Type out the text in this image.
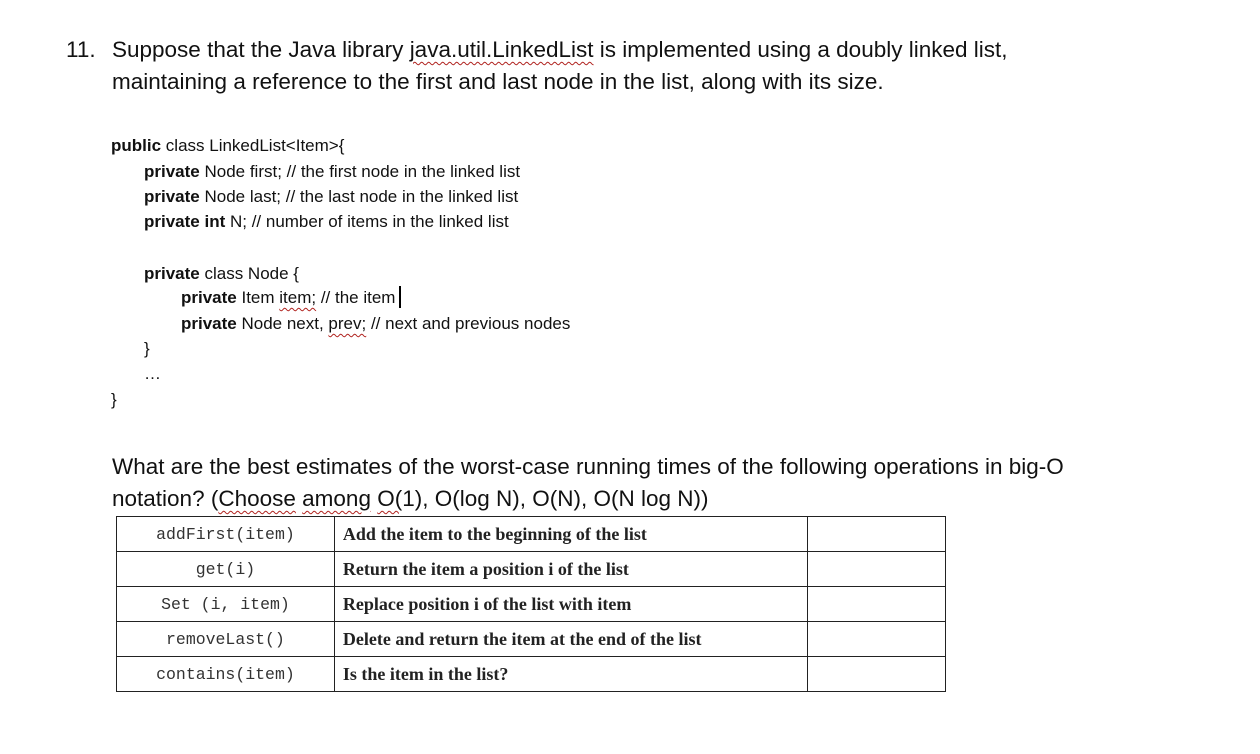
11. Suppose that the Java library java.util.LinkedList is implemented using a doubly linked list,
maintaining a reference to the first and last node in the list, along with its size.
public class LinkedList<Item>{
private Node first; // the first node in the linked list
private Node last; // the last node in the linked list
private int N; // number of items in the linked list
private class Node {
private Item item; // the item
private Node next, prev; // next and previous nodes
}
…
}
What are the best estimates of the worst-case running times of the following operations in big-O
notation? (Choose among O(1), O(log N), O(N), O(N log N))
addFirst(item)	Add the item to the beginning of the list	
get(i)	Return the item a position i of the list	
Set (i, item)	Replace position i of the list with item	
removeLast()	Delete and return the item at the end of the list	
contains(item)	Is the item in the list?	
